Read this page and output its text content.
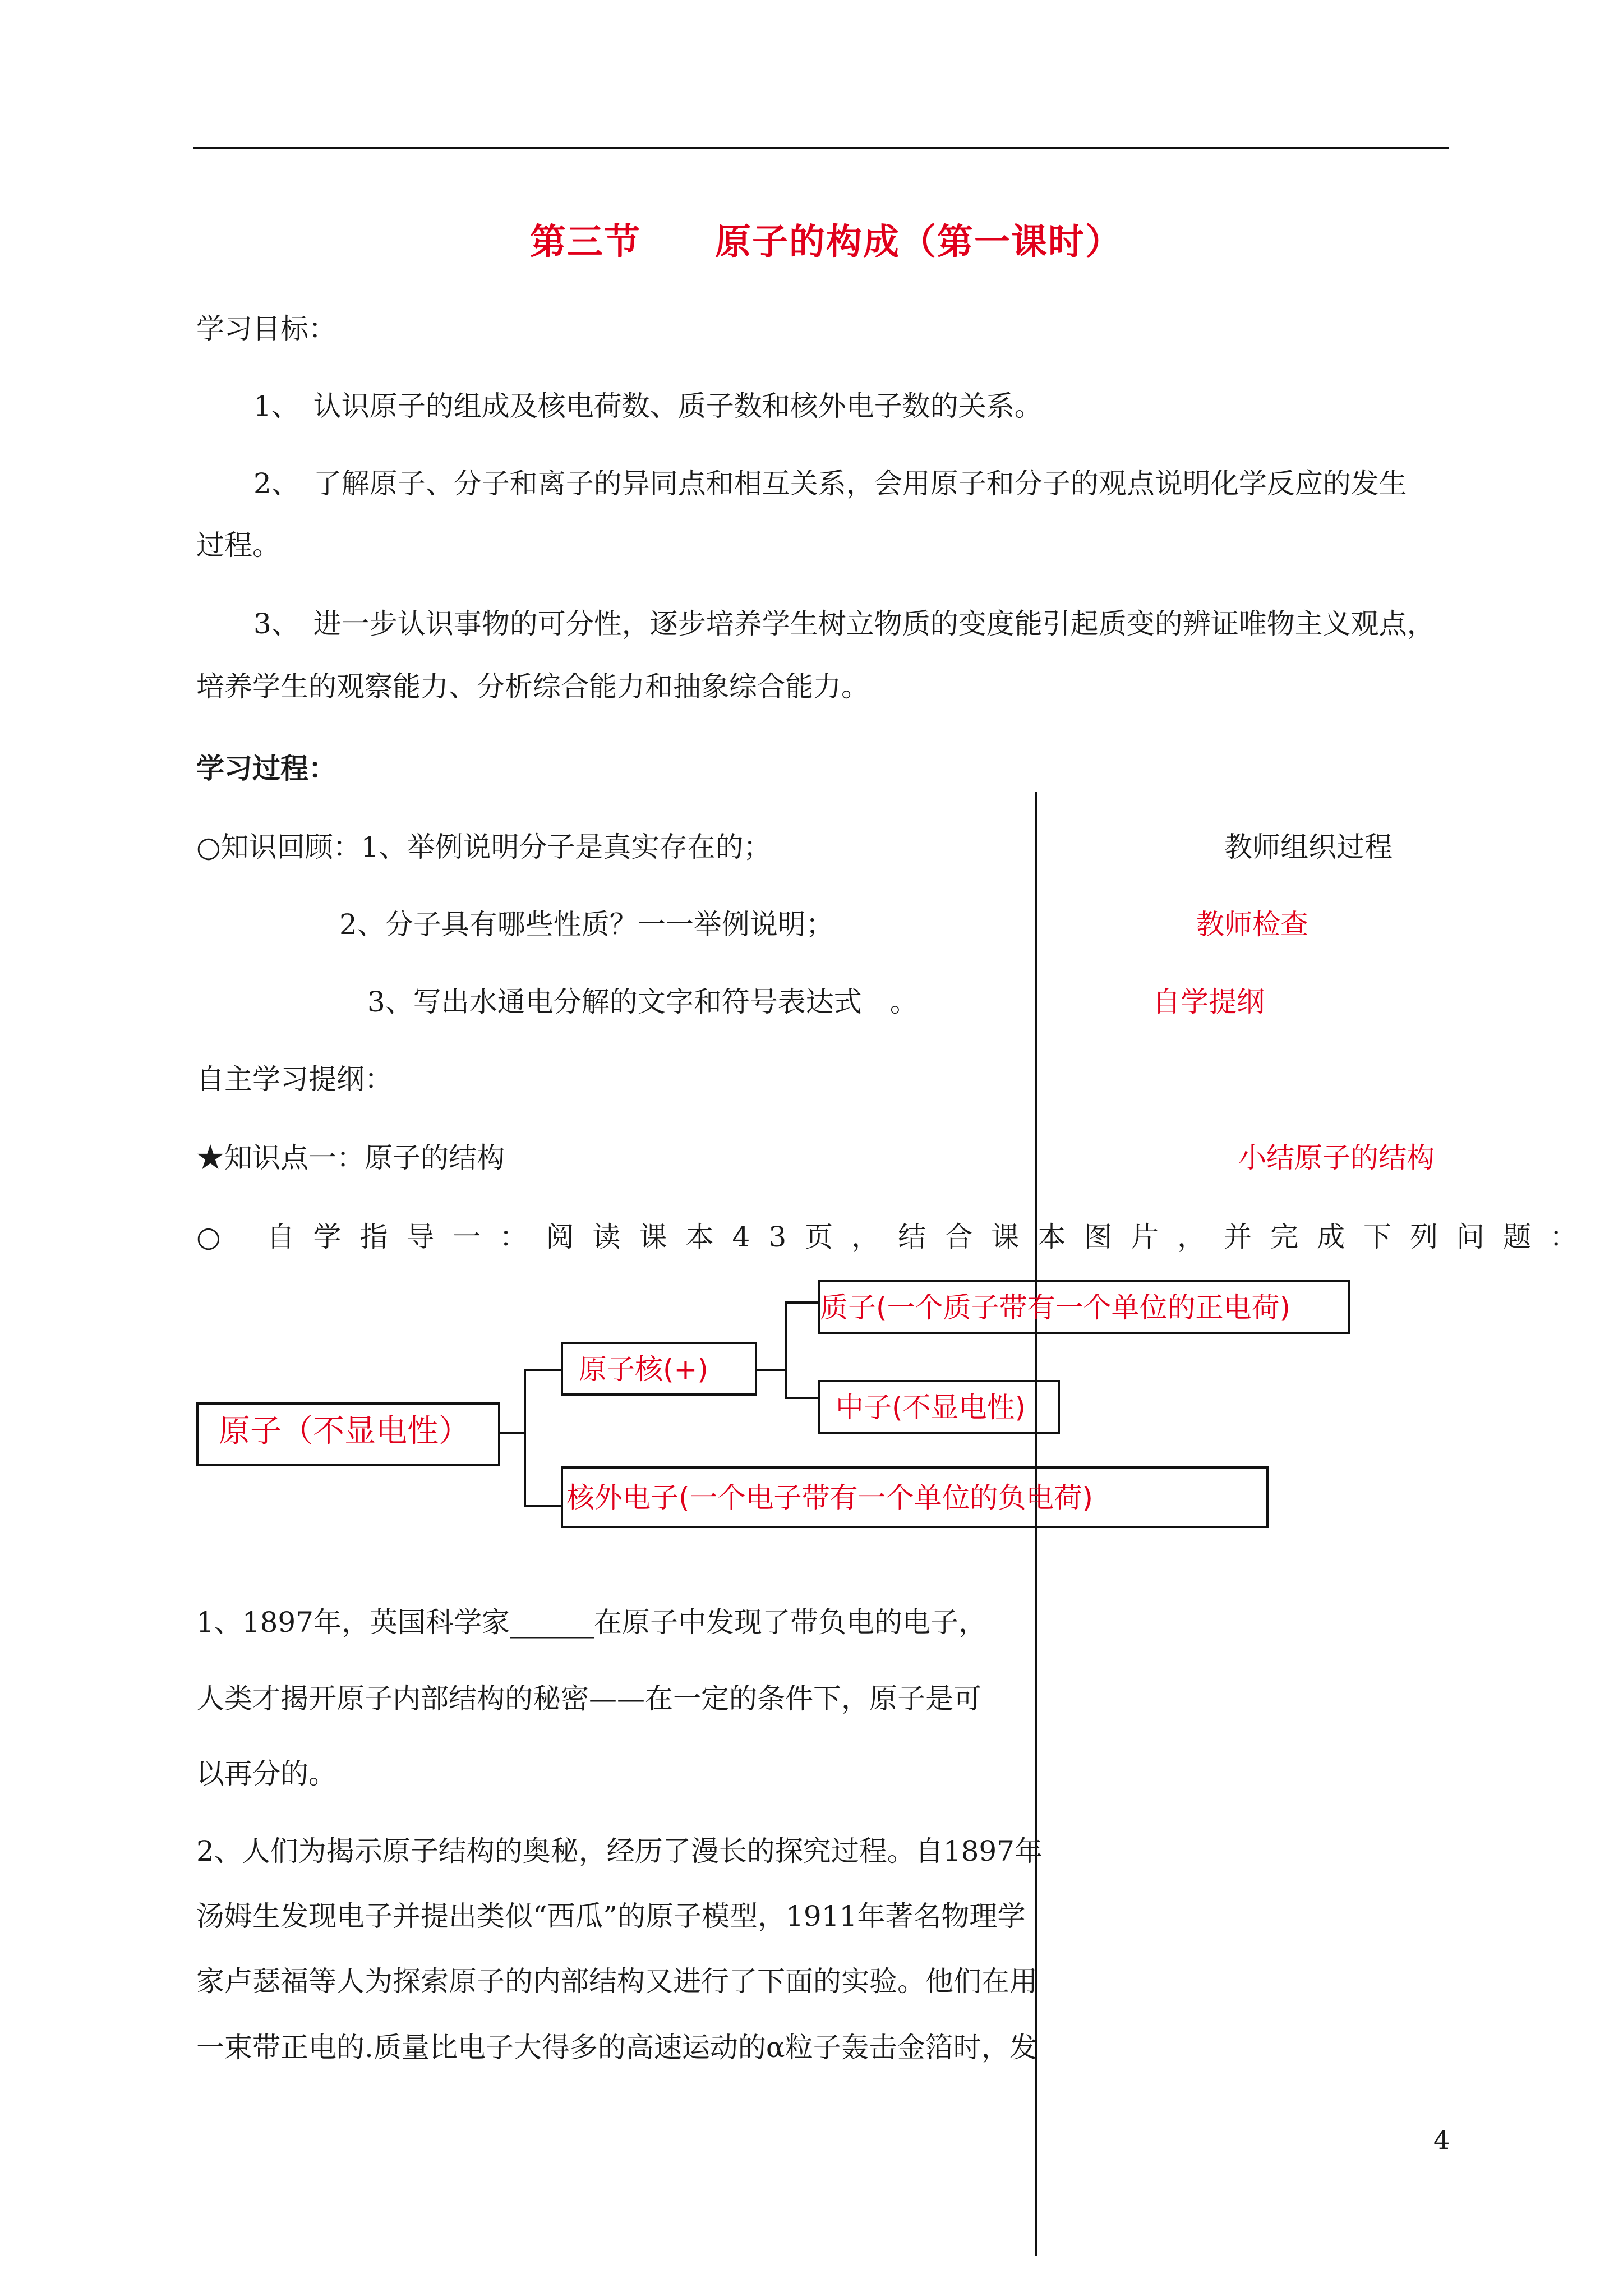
第三节　　原子的构成（第一课时）
学习目标：
1、　认识原子的组成及核电荷数、质子数和核外电子数的关系。
2、　了解原子、分子和离子的异同点和相互关系，会用原子和分子的观点说明化学反应的发生
过程。
3、　进一步认识事物的可分性，逐步培养学生树立物质的变度能引起质变的辨证唯物主义观点，
培养学生的观察能力、分析综合能力和抽象综合能力。
学习过程：
○知识回顾：1、举例说明分子是真实存在的；	教师组织过程
2、分子具有哪些性质？一一举例说明；	教师检查
3、写出水通电分解的文字和符号表达式　。	自学提纲
自主学习提纲：
★知识点一：原子的结构	小结原子的结构
○ 自学指导一：阅读课本43页，结合课本图片，并完成下列问题：
原子（不显电性）
原子核(+)
质子(一个质子带有一个单位的正电荷)
中子(不显电性)
核外电子(一个电子带有一个单位的负电荷)
1、1897年，英国科学家______在原子中发现了带负电的电子，
人类才揭开原子内部结构的秘密——在一定的条件下，原子是可
以再分的。
2、人们为揭示原子结构的奥秘，经历了漫长的探究过程。自1897年
汤姆生发现电子并提出类似“西瓜”的原子模型，1911年著名物理学
家卢瑟福等人为探索原子的内部结构又进行了下面的实验。他们在用
一束带正电的.质量比电子大得多的高速运动的α粒子轰击金箔时，发
4
